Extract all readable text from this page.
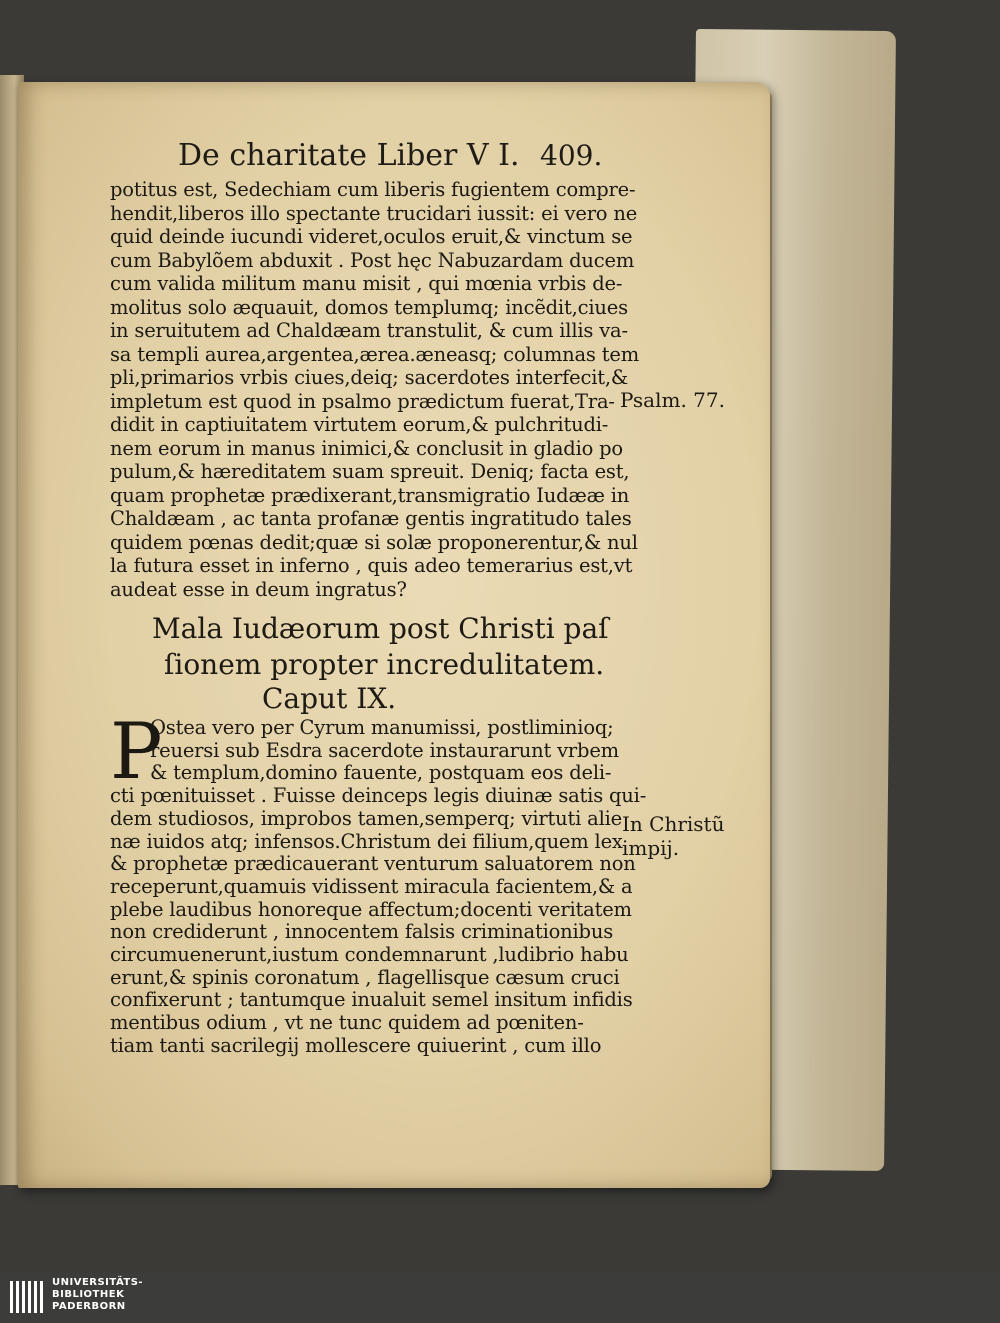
De charitate Liber V I. 409.
potitus est, Sedechiam cum liberis fugientem compre-
hendit,liberos illo spectante trucidari iussit: ei vero ne
quid deinde iucundi videret,oculos eruit,& vinctum se
cum Babylõem abduxit . Post hęc Nabuzardam ducem
cum valida militum manu misit , qui mœnia vrbis de-
molitus solo æquauit, domos templumq; incẽdit,ciues
in seruitutem ad Chaldæam transtulit, & cum illis va-
sa templi aurea,argentea,ærea.æneasq; columnas tem
pli,primarios vrbis ciues,deiq; sacerdotes interfecit,&
impletum est quod in psalmo prædictum fuerat,Tra-
didit in captiuitatem virtutem eorum,& pulchritudi-
nem eorum in manus inimici,& conclusit in gladio po
pulum,& hæreditatem suam spreuit. Deniq; facta est,
quam prophetæ prædixerant,transmigratio Iudææ in
Chaldæam , ac tanta profanæ gentis ingratitudo tales
quidem pœnas dedit;quæ si solæ proponerentur,& nul
la futura esset in inferno , quis adeo temerarius est,vt
audeat esse in deum ingratus?
Mala Iudæorum post Christi paſ
ſionem propter incredulitatem.
Caput IX.
P
Ostea vero per Cyrum manumissi, postliminioq;
reuersi sub Esdra sacerdote instaurarunt vrbem
& templum,domino fauente, postquam eos deli-
cti pœnituisset . Fuisse deinceps legis diuinæ satis qui-
dem studiosos, improbos tamen,semperq; virtuti alie
næ iuidos atq; infensos.Christum dei filium,quem lex
& prophetæ prædicauerant venturum saluatorem non
receperunt,quamuis vidissent miracula facientem,& a
plebe laudibus honoreque affectum;docenti veritatem
non crediderunt , innocentem falsis criminationibus
circumuenerunt,iustum condemnarunt ,ludibrio habu
erunt,& spinis coronatum , flagellisque cæsum cruci
confixerunt ; tantumque inualuit semel insitum infidis
mentibus odium , vt ne tunc quidem ad pœniten-
tiam tanti sacrilegij mollescere quiuerint , cum illo
Psalm. 77.
In Christũ
impij.
UNIVERSITÄTS-
BIBLIOTHEK
PADERBORN
